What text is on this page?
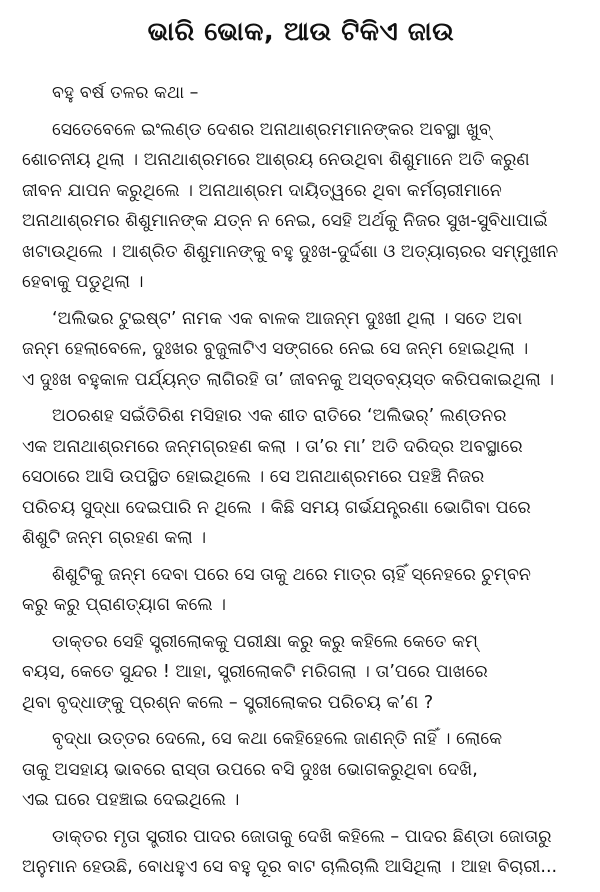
ଭାରି ଭୋକ, ଆଉ ଟିକିଏ ଜାଉ

ବହୁ ବର୍ଷ ତଳର କଥା –

ସେତେବେଳେ ଇଂଲଣ୍ଡ ଦେଶର ଅନାଥାଶ୍ରମମାନଙ୍କର ଅବସ୍ଥା ଖୁବ୍
ଶୋଚନୀୟ ଥିଲା । ଅନାଥାଶ୍ରମରେ ଆଶ୍ରୟ ନେଉଥିବା ଶିଶୁମାନେ ଅତି କରୁଣ
ଜୀବନ ଯାପନ କରୁଥିଲେ । ଅନାଥାଶ୍ରମ ଦାୟିତ୍ୱରେ ଥିବା କର୍ମଚାରୀମାନେ
ଅନାଥାଶ୍ରମର ଶିଶୁମାନଙ୍କ ଯତ୍ନ ନ ନେଇ, ସେହି ଅର୍ଥକୁ ନିଜର ସୁଖ-ସୁବିଧାପାଇଁ
ଖଟାଉଥିଲେ । ଆଶ୍ରିତ ଶିଶୁମାନଙ୍କୁ ବହୁ ଦୁଃଖ-ଦୁର୍ଦ୍ଦଶା ଓ ଅତ୍ୟାଚାରର ସମ୍ମୁଖୀନ
ହେବାକୁ ପଡୁଥିଲା ।

‘ଅଲିଭର ଟୁଇଷ୍ଟ’ ନାମକ ଏକ ବାଳକ ଆଜନ୍ମ ଦୁଃଖୀ ଥିଲା । ସତେ ଅବା
ଜନ୍ମ ହେଲାବେଳେ, ଦୁଃଖର ବୁଜୁଳାଟିଏ ସଙ୍ଗରେ ନେଇ ସେ ଜନ୍ମ ହୋଇଥିଲା ।
ଏ ଦୁଃଖ ବହୁକାଳ ପର୍ଯ୍ୟନ୍ତ ଲାଗିରହି ତା’ ଜୀବନକୁ ଅସ୍ତବ୍ୟସ୍ତ କରିପକାଇଥିଲା ।

ଅଠରଶହ ସଇଁତିରିଶ ମସିହାର ଏକ ଶୀତ ରାତିରେ ‘ଅଲିଭର୍’ ଲଣ୍ଡନର
ଏକ ଅନାଥାଶ୍ରମରେ ଜନ୍ମଗ୍ରହଣ କଲା । ତା’ର ମା’ ଅତି ଦରିଦ୍ର ଅବସ୍ଥାରେ
ସେଠାରେ ଆସି ଉପସ୍ଥିତ ହୋଇଥିଲେ । ସେ ଅନାଥାଶ୍ରମରେ ପହଞ୍ଚି ନିଜର
ପରିଚୟ ସୁଦ୍ଧା ଦେଇପାରି ନ ଥିଲେ । କିଛି ସମୟ ଗର୍ଭଯନ୍ତ୍ରଣା ଭୋଗିବା ପରେ
ଶିଶୁଟି ଜନ୍ମ ଗ୍ରହଣ କଲା ।

ଶିଶୁଟିକୁ ଜନ୍ମ ଦେବା ପରେ ସେ ତାକୁ ଥରେ ମାତ୍ର ଚାହିଁ ସ୍ନେହରେ ଚୁମ୍ବନ
କରୁ କରୁ ପ୍ରାଣତ୍ୟାଗ କଲେ ।

ଡାକ୍ତର ସେହି ସ୍ତ୍ରୀଲୋକକୁ ପରୀକ୍ଷା କରୁ କରୁ କହିଲେ କେତେ କମ୍
ବୟସ, କେତେ ସୁନ୍ଦର ! ଆହା, ସ୍ତ୍ରୀଲୋକଟି ମରିଗଲା । ତା’ପରେ ପାଖରେ
ଥିବା ବୃଦ୍ଧାଙ୍କୁ ପ୍ରଶ୍ନ କଲେ – ସ୍ତ୍ରୀଲୋକର ପରିଚୟ କ’ଣ ?

ବୃଦ୍ଧା ଉତ୍ତର ଦେଲେ, ସେ କଥା କେହିହେଲେ ଜାଣନ୍ତି ନାହିଁ । ଲୋକେ
ତାକୁ ଅସହାୟ ଭାବରେ ରାସ୍ତା ଉପରେ ବସି ଦୁଃଖ ଭୋଗକରୁଥିବା ଦେଖି,
ଏଇ ଘରେ ପହଞ୍ଚାଇ ଦେଇଥିଲେ ।

ଡାକ୍ତର ମୃତା ସ୍ତ୍ରୀର ପାଦର ଜୋତାକୁ ଦେଖି କହିଲେ – ପାଦର ଛିଣ୍ଡା ଜୋତାରୁ
ଅନୁମାନ ହେଉଛି, ବୋଧହୁଏ ସେ ବହୁ ଦୂର ବାଟ ଚାଲିଚାଲି ଆସିଥିଲା । ଆହା ବିଚାରୀ...
